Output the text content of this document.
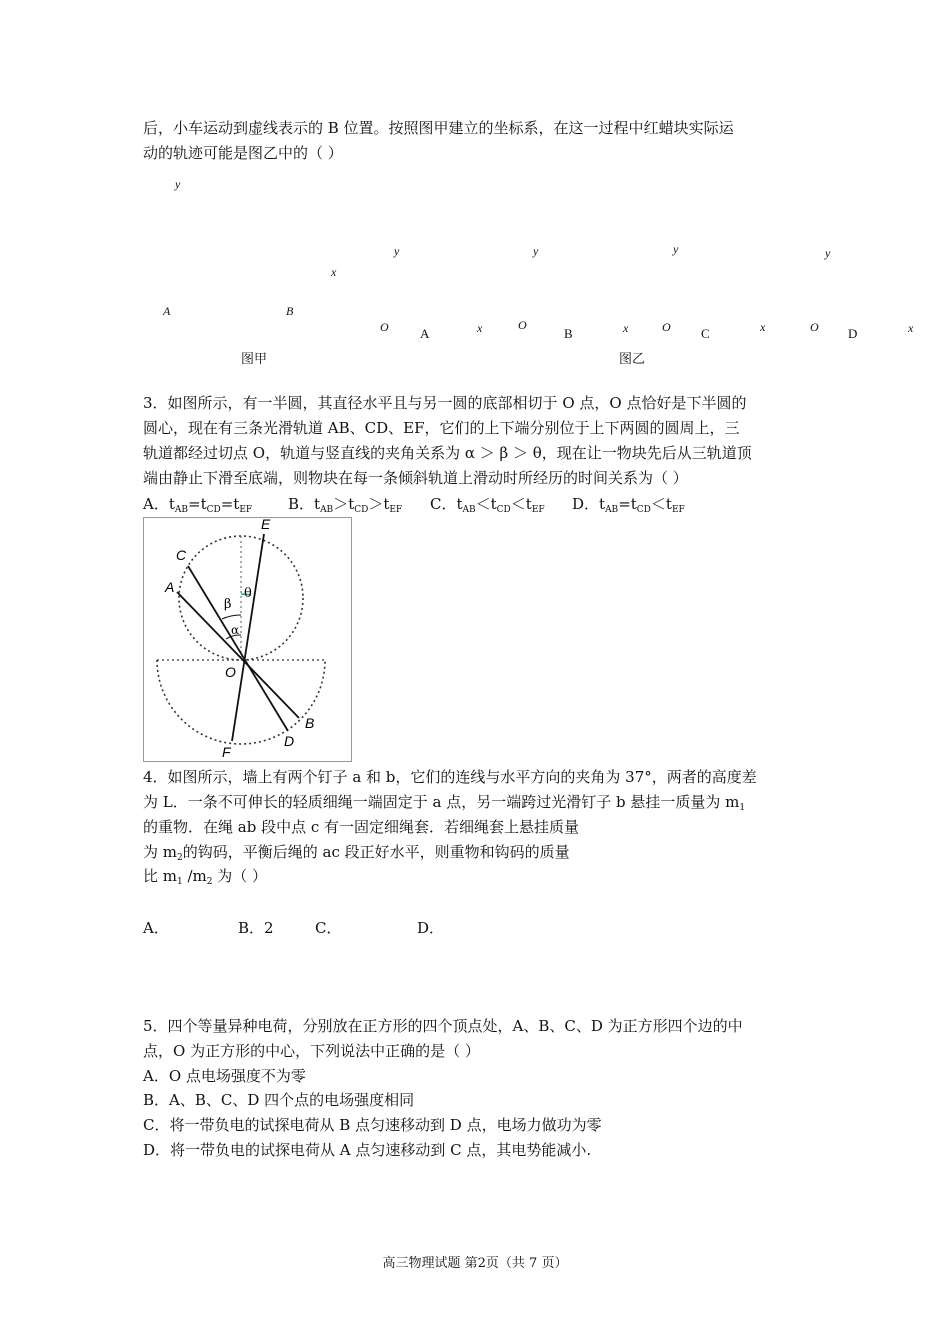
后，小车运动到虚线表示的 B 位置。按照图甲建立的坐标系，在这一过程中红蜡块实际运
动的轨迹可能是图乙中的（ ）
y
x
A	B
y	y	y	y
O A	x	O
B	x	O C	x	O D	x
图甲	图乙
3．如图所示，有一半圆，其直径水平且与另一圆的底部相切于 O 点，O 点恰好是下半圆的
圆心，现在有三条光滑轨道 AB、CD、EF，它们的上下端分别位于上下两圆的圆周上，三
轨道都经过切点 O，轨道与竖直线的夹角关系为 α ＞ β ＞ θ，现在让一物块先后从三轨道顶
端由静止下滑至底端，则物块在每一条倾斜轨道上滑动时所经历的时间关系为（ ）
A．$t_{AB}=t_{CD}=t_{EF}$ B．$t_{AB}>t_{CD}>t_{EF}$ C．$t_{AB}<t_{CD}<t_{EF}$ D．$t_{AB}=t_{CD}<t_{EF}$
C
A
E
θ
β
α
O
B
D
F
4．如图所示，墙上有两个钉子 a 和 b，它们的连线与水平方向的夹角为 37°，两者的高度差
为 L．一条不可伸长的轻质细绳一端固定于 a 点，另一端跨过光滑钉子 b 悬挂一质量为 $m_1$
的重物．在绳 ab 段中点 c 有一固定细绳套．若细绳套上悬挂质量
为 $m_2$的钩码，平衡后绳的 ac 段正好水平，则重物和钩码的质量
比 $m_1$ $/m_2$ 为（ ）
A．	B．2	C．	D．
5．四个等量异种电荷，分别放在正方形的四个顶点处，A、B、C、D 为正方形四个边的中
点，O 为正方形的中心，下列说法中正确的是（ ）
A．O 点电场强度不为零
B．A、B、C、D 四个点的电场强度相同
C．将一带负电的试探电荷从 B 点匀速移动到 D 点，电场力做功为零
D．将一带负电的试探电荷从 A 点匀速移动到 C 点，其电势能减小.
高三物理试题 第2页（共 7 页）
